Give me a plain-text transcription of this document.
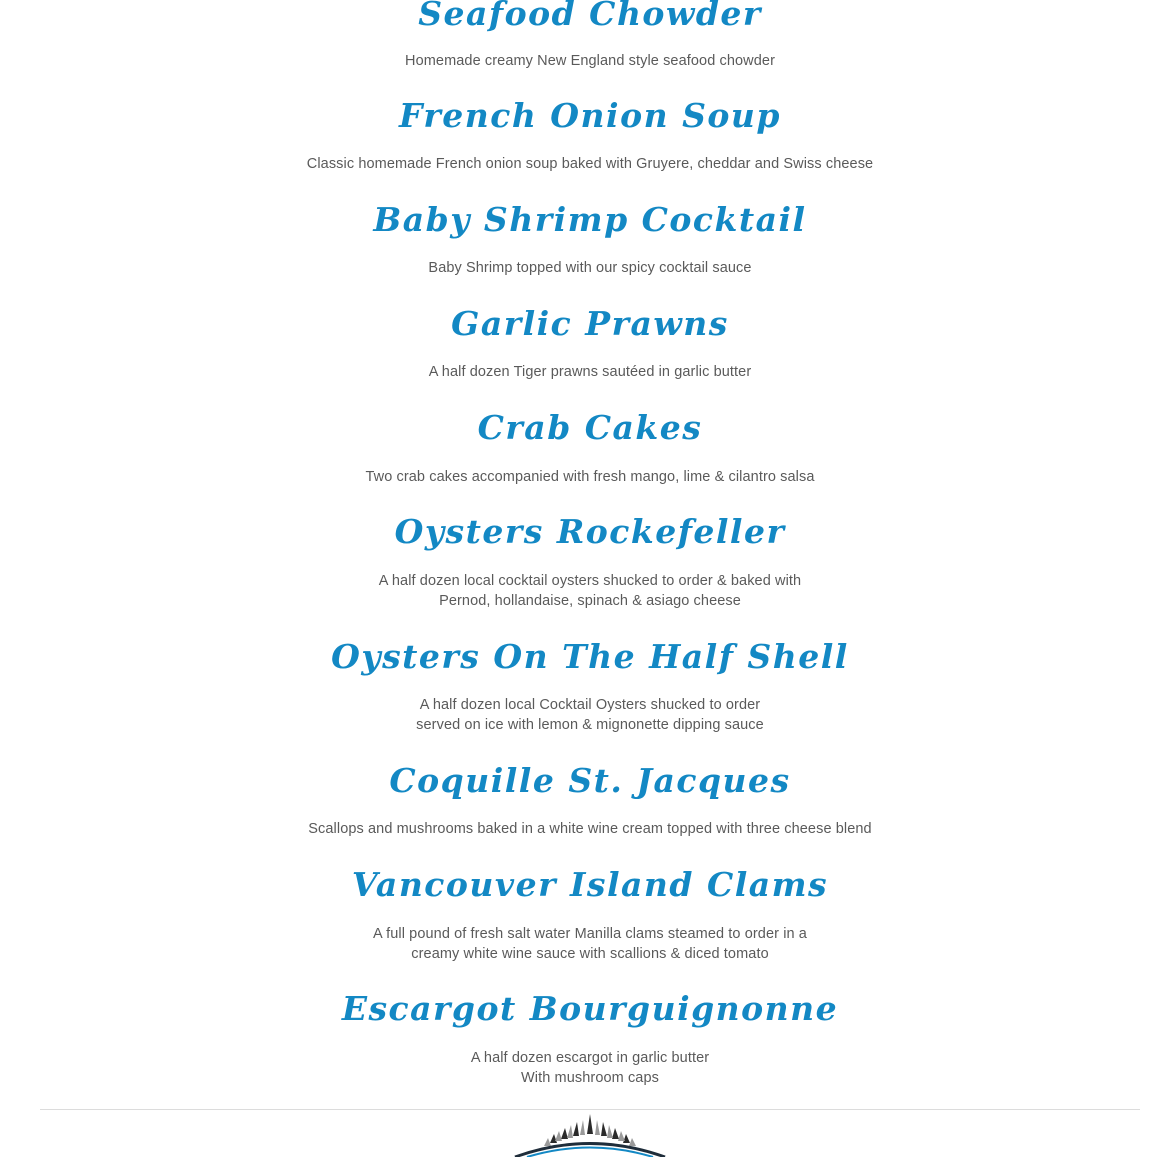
Seafood Chowder

Homemade creamy New England style seafood chowder

French Onion Soup

Classic homemade French onion soup baked with Gruyere, cheddar and Swiss cheese

Baby Shrimp Cocktail

Baby Shrimp topped with our spicy cocktail sauce

Garlic Prawns

A half dozen Tiger prawns sautéed in garlic butter

Crab Cakes

Two crab cakes accompanied with fresh mango, lime & cilantro salsa

Oysters Rockefeller

A half dozen local cocktail oysters shucked to order & baked with
Pernod, hollandaise, spinach & asiago cheese

Oysters On The Half Shell

A half dozen local Cocktail Oysters shucked to order
served on ice with lemon & mignonette dipping sauce

Coquille St. Jacques

Scallops and mushrooms baked in a white wine cream topped with three cheese blend

Vancouver Island Clams

A full pound of fresh salt water Manilla clams steamed to order in a
creamy white wine sauce with scallions & diced tomato

Escargot Bourguignonne

A half dozen escargot in garlic butter
With mushroom caps
